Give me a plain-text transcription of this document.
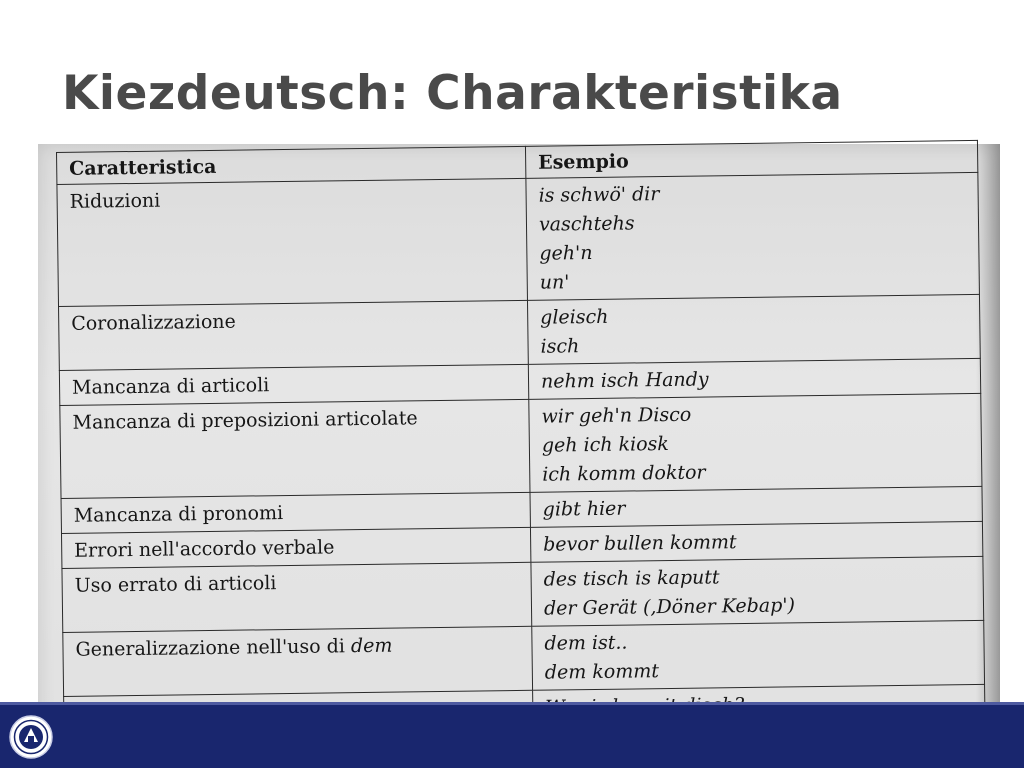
Kiezdeutsch: Charakteristika
Caratteristica	Esempio
Riduzioni	is schwö' dir
vaschtehs
geh'n
un'

Coronalizzazione	gleisch
isch

Mancanza di articoli	nehm isch Handy

Mancanza di preposizioni articolate	wir geh'n Disco
geh ich kiosk
ich komm doktor

Mancanza di pronomi	gibt hier

Errori nell'accordo verbale	bevor bullen kommt

Uso errato di articoli	des tisch is kaputt
der Gerät (,Döner Kebap')

Generalizzazione nell'uso di dem	dem ist..
dem kommt
